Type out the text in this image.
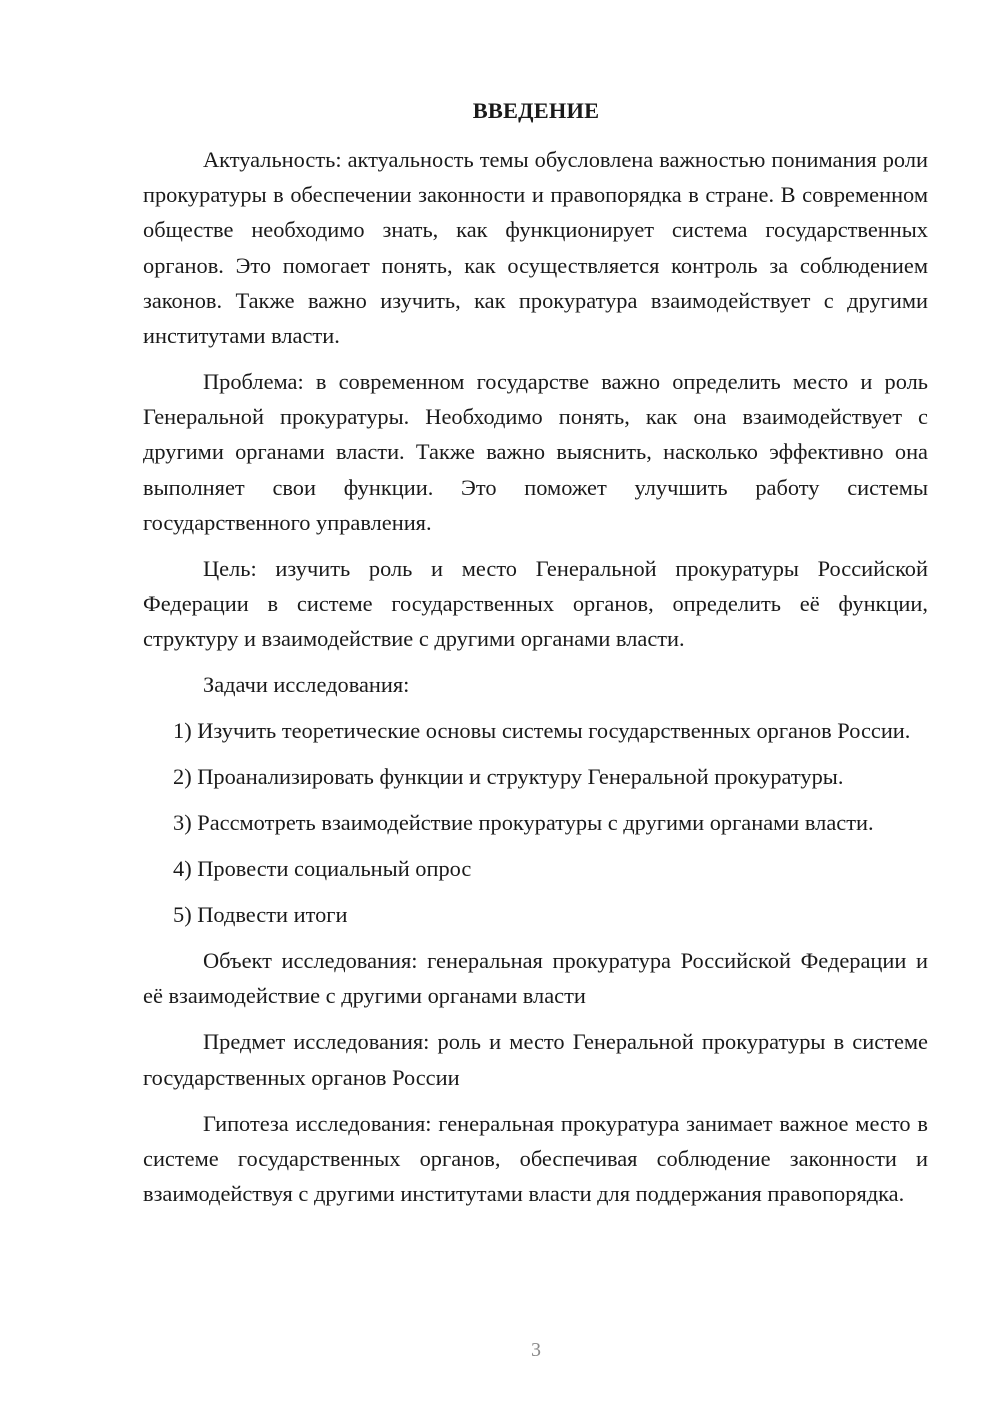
ВВЕДЕНИЕ

Актуальность: актуальность темы обусловлена важностью понимания роли прокуратуры в обеспечении законности и правопорядка в стране. В современном обществе необходимо знать, как функционирует система государственных органов. Это помогает понять, как осуществляется контроль за соблюдением законов. Также важно изучить, как прокуратура взаимодействует с другими институтами власти.

Проблема: в современном государстве важно определить место и роль Генеральной прокуратуры. Необходимо понять, как она взаимодействует с другими органами власти. Также важно выяснить, насколько эффективно она выполняет свои функции. Это поможет улучшить работу системы государственного управления.

Цель: изучить роль и место Генеральной прокуратуры Российской Федерации в системе государственных органов, определить её функции, структуру и взаимодействие с другими органами власти.

Задачи исследования:

1) Изучить теоретические основы системы государственных органов России.

2) Проанализировать функции и структуру Генеральной прокуратуры.

3) Рассмотреть взаимодействие прокуратуры с другими органами власти.

4) Провести социальный опрос

5) Подвести итоги

Объект исследования: генеральная прокуратура Российской Федерации и её взаимодействие с другими органами власти

Предмет исследования: роль и место Генеральной прокуратуры в системе государственных органов России

Гипотеза исследования: генеральная прокуратура занимает важное место в системе государственных органов, обеспечивая соблюдение законности и взаимодействуя с другими институтами власти для поддержания правопорядка.

3
